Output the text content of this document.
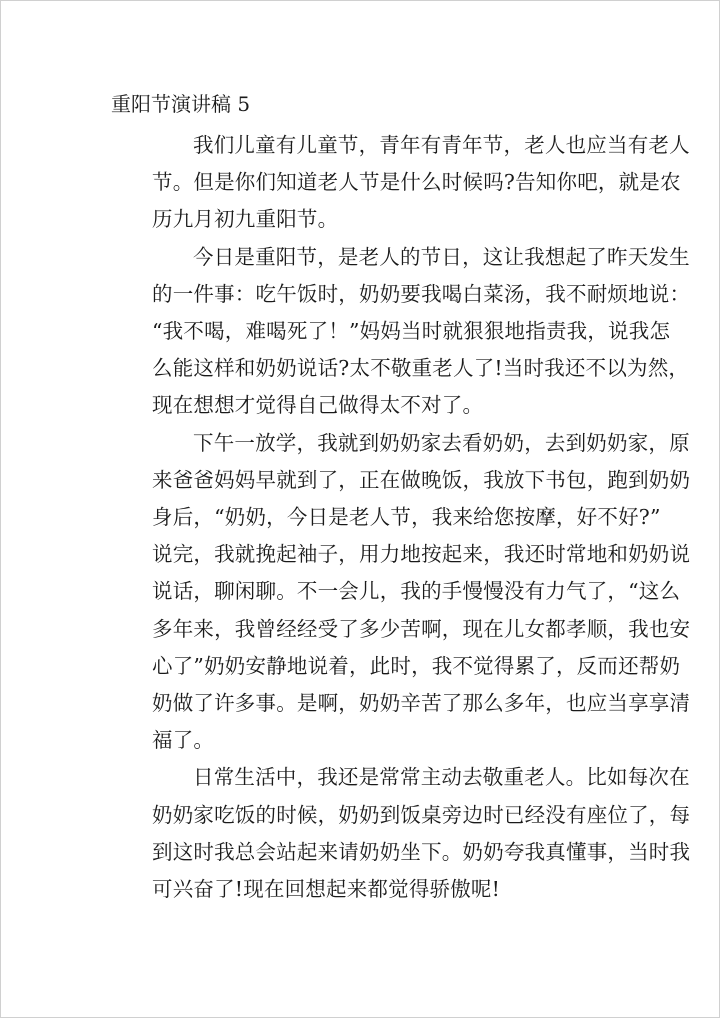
重阳节演讲稿 5
我们儿童有儿童节，青年有青年节，老人也应当有老人
节。但是你们知道老人节是什么时候吗?告知你吧，就是农
历九月初九重阳节。
今日是重阳节，是老人的节日，这让我想起了昨天发生
的一件事：吃午饭时，奶奶要我喝白菜汤，我不耐烦地说：
“我不喝，难喝死了！”妈妈当时就狠狠地指责我，说我怎
么能这样和奶奶说话?太不敬重老人了!当时我还不以为然，
现在想想才觉得自己做得太不对了。
下午一放学，我就到奶奶家去看奶奶，去到奶奶家，原
来爸爸妈妈早就到了，正在做晚饭，我放下书包，跑到奶奶
身后，“奶奶，今日是老人节，我来给您按摩，好不好?”
说完，我就挽起袖子，用力地按起来，我还时常地和奶奶说
说话，聊闲聊。不一会儿，我的手慢慢没有力气了，“这么
多年来，我曾经经受了多少苦啊，现在儿女都孝顺，我也安
心了”奶奶安静地说着，此时，我不觉得累了，反而还帮奶
奶做了许多事。是啊，奶奶辛苦了那么多年，也应当享享清
福了。
日常生活中，我还是常常主动去敬重老人。比如每次在
奶奶家吃饭的时候，奶奶到饭桌旁边时已经没有座位了，每
到这时我总会站起来请奶奶坐下。奶奶夸我真懂事，当时我
可兴奋了!现在回想起来都觉得骄傲呢!
